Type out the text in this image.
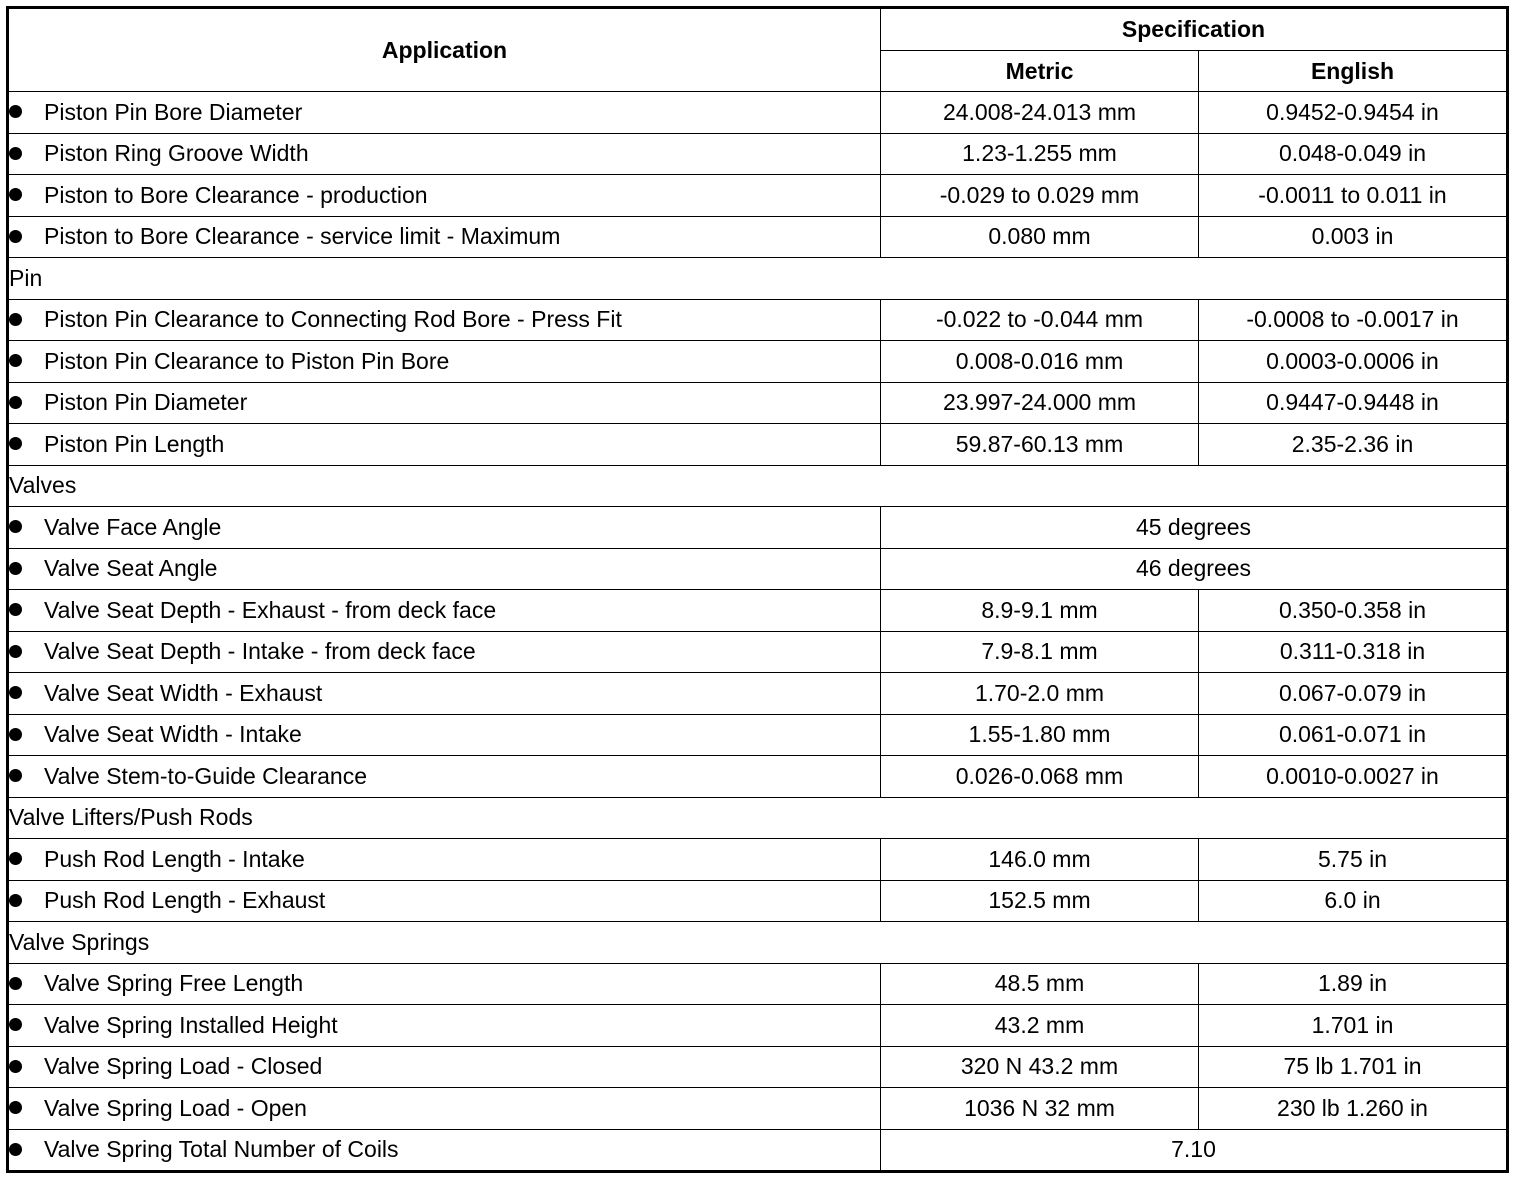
Application	Specification	
	Metric	English
Piston Pin Bore Diameter	24.008-24.013 mm	0.9452-0.9454 in
Piston Ring Groove Width	1.23-1.255 mm	0.048-0.049 in
Piston to Bore Clearance - production	-0.029 to 0.029 mm	-0.0011 to 0.011 in
Piston to Bore Clearance - service limit - Maximum	0.080 mm	0.003 in
Pin		
Piston Pin Clearance to Connecting Rod Bore - Press Fit	-0.022 to -0.044 mm	-0.0008 to -0.0017 in
Piston Pin Clearance to Piston Pin Bore	0.008-0.016 mm	0.0003-0.0006 in
Piston Pin Diameter	23.997-24.000 mm	0.9447-0.9448 in
Piston Pin Length	59.87-60.13 mm	2.35-2.36 in
Valves		
Valve Face Angle	45 degrees	
Valve Seat Angle	46 degrees	
Valve Seat Depth - Exhaust - from deck face	8.9-9.1 mm	0.350-0.358 in
Valve Seat Depth - Intake - from deck face	7.9-8.1 mm	0.311-0.318 in
Valve Seat Width - Exhaust	1.70-2.0 mm	0.067-0.079 in
Valve Seat Width - Intake	1.55-1.80 mm	0.061-0.071 in
Valve Stem-to-Guide Clearance	0.026-0.068 mm	0.0010-0.0027 in
Valve Lifters/Push Rods		
Push Rod Length - Intake	146.0 mm	5.75 in
Push Rod Length - Exhaust	152.5 mm	6.0 in
Valve Springs		
Valve Spring Free Length	48.5 mm	1.89 in
Valve Spring Installed Height	43.2 mm	1.701 in
Valve Spring Load - Closed	320 N 43.2 mm	75 lb 1.701 in
Valve Spring Load - Open	1036 N 32 mm	230 lb 1.260 in
Valve Spring Total Number of Coils	7.10	
